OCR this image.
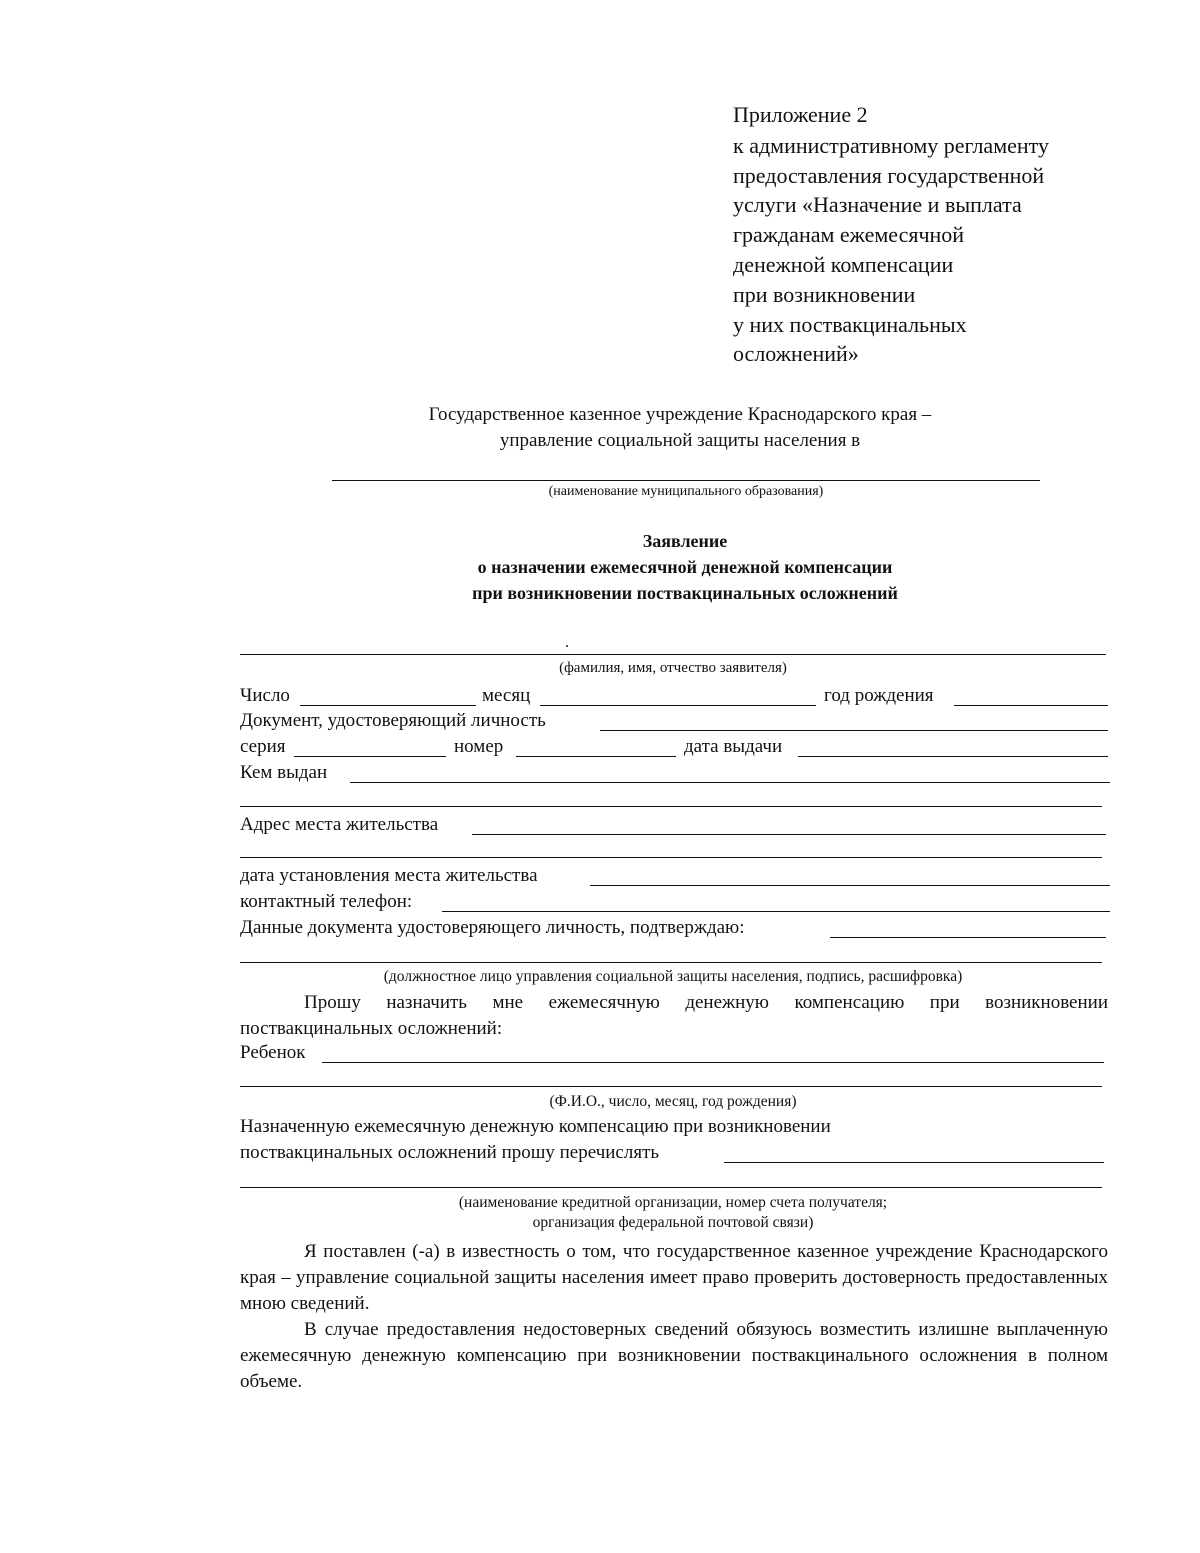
Приложение 2
к административному регламенту
предоставления государственной
услуги «Назначение и выплата
гражданам ежемесячной
денежной компенсации
при возникновении
у них поствакцинальных
осложнений»
Государственное казенное учреждение Краснодарского края –
управление социальной защиты населения в
(наименование муниципального образования)
Заявление
о назначении ежемесячной денежной компенсации
при возникновении поствакцинальных осложнений
(фамилия, имя, отчество заявителя)
Число	месяц	год рождения
Документ, удостоверяющий личность
серия	номер	дата выдачи
Кем выдан
Адрес места жительства
дата установления места жительства
контактный телефон:
Данные документа удостоверяющего личность, подтверждаю:
(должностное лицо управления социальной защиты населения, подпись, расшифровка)
Прошу назначить мне ежемесячную денежную компенсацию при возникновении поствакцинальных осложнений:
Ребенок
(Ф.И.О., число, месяц, год рождения)
Назначенную ежемесячную денежную компенсацию при возникновении
поствакцинальных осложнений прошу перечислять
(наименование кредитной организации, номер счета получателя;
организация федеральной почтовой связи)
Я поставлен (-а) в известность о том, что государственное казенное учреждение Краснодарского края – управление социальной защиты населения имеет право проверить достоверность предоставленных мною сведений.
В случае предоставления недостоверных сведений обязуюсь возместить излишне выплаченную ежемесячную денежную компенсацию при возникновении поствакцинального осложнения в полном объеме.
